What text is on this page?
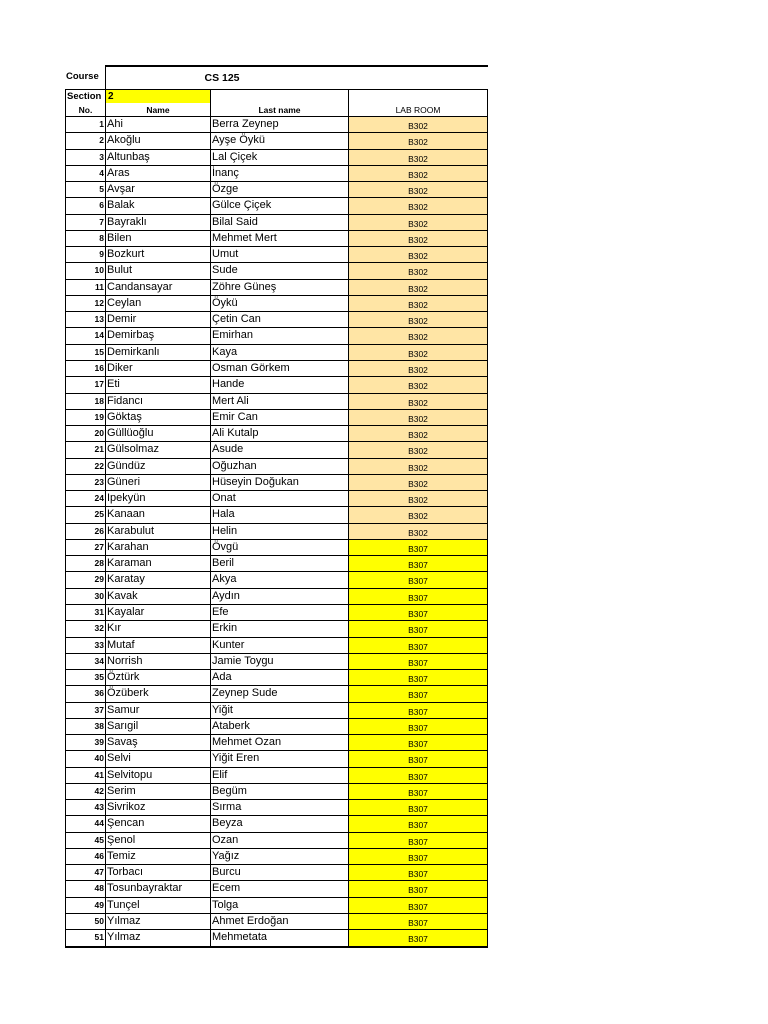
Course	CS 125
Section 2
No.	Name	Last name	LAB ROOM
1 Ahi	Berra Zeynep	B302
2 Akoğlu	Ayşe Öykü	B302
3 Altunbaş	Lal Çiçek	B302
4 Aras	İnanç	B302
5 Avşar	Özge	B302
6 Balak	Gülce Çiçek	B302
7 Bayraklı	Bilal Said	B302
8 Bilen	Mehmet Mert	B302
9 Bozkurt	Umut	B302
10 Bulut	Sude	B302
11 Candansayar	Zöhre Güneş	B302
12 Ceylan	Öykü	B302
13 Demir	Çetin Can	B302
14 Demirbaş	Emirhan	B302
15 Demirkanlı	Kaya	B302
16 Diker	Osman Görkem	B302
17 Eti	Hande	B302
18 Fidancı	Mert Ali	B302
19 Göktaş	Emir Can	B302
20 Güllüoğlu	Ali Kutalp	B302
21 Gülsolmaz	Asude	B302
22 Gündüz	Oğuzhan	B302
23 Güneri	Hüseyin Doğukan	B302
24 Ipekyün	Onat	B302
25 Kanaan	Hala	B302
26 Karabulut	Helin	B302
27 Karahan	Övgü	B307
28 Karaman	Beril	B307
29 Karatay	Akya	B307
30 Kavak	Aydın	B307
31 Kayalar	Efe	B307
32 Kır	Erkin	B307
33 Mutaf	Kunter	B307
34 Norrish	Jamie Toygu	B307
35 Öztürk	Ada	B307
36 Özüberk	Zeynep Sude	B307
37 Samur	Yiğit	B307
38 Sarıgil	Ataberk	B307
39 Savaş	Mehmet Ozan	B307
40 Selvi	Yiğit Eren	B307
41 Selvitopu	Elif	B307
42 Serim	Begüm	B307
43 Sivrikoz	Sırma	B307
44 Şencan	Beyza	B307
45 Şenol	Ozan	B307
46 Temiz	Yağız	B307
47 Torbacı	Burcu	B307
48 Tosunbayraktar	Ecem	B307
49 Tunçel	Tolga	B307
50 Yılmaz	Ahmet Erdoğan	B307
51 Yılmaz	Mehmetata	B307
